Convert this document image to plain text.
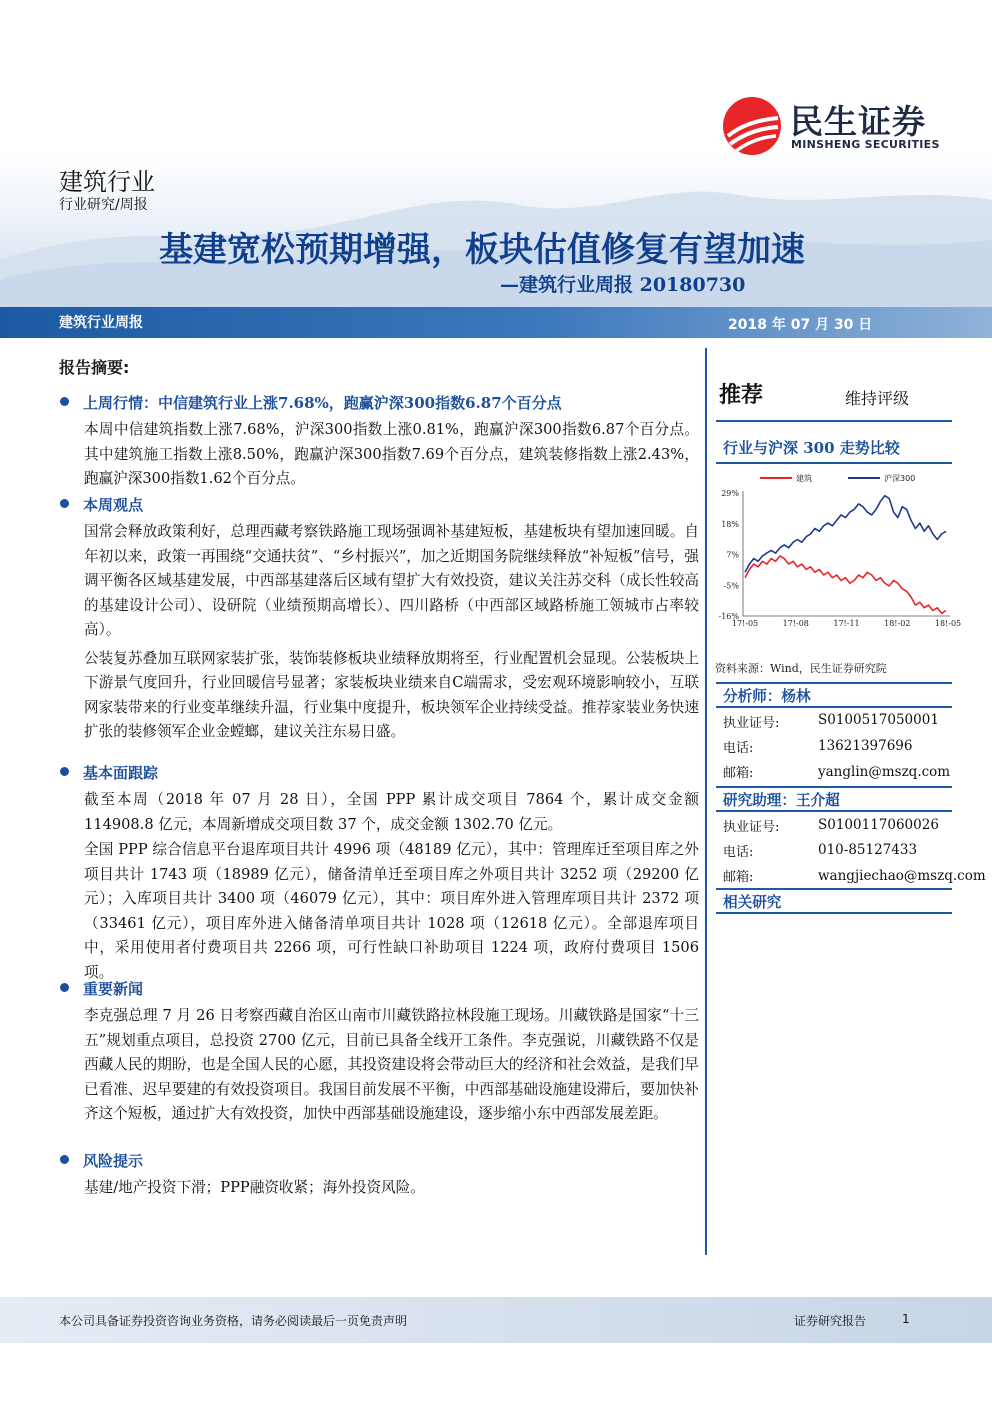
民生证券
MINSHENG SECURITIES
建筑行业
行业研究/周报
基建宽松预期增强，板块估值修复有望加速
—建筑行业周报 20180730
建筑行业周报	2018 年 07 月 30 日
报告摘要:
上周行情：中信建筑行业上涨7.68%，跑赢沪深300指数6.87个百分点

本周中信建筑指数上涨7.68%，沪深300指数上涨0.81%，跑赢沪深300指数6.87个百分点。其中建筑施工指数上涨8.50%，跑赢沪深300指数7.69个百分点，建筑装修指数上涨2.43%，跑赢沪深300指数1.62个百分点。

本周观点

国常会释放政策利好，总理西藏考察铁路施工现场强调补基建短板，基建板块有望加速回暖。自年初以来，政策一再围绕“交通扶贫”、“乡村振兴”，加之近期国务院继续释放“补短板”信号，强调平衡各区域基建发展，中西部基建落后区域有望扩大有效投资，建议关注苏交科（成长性较高的基建设计公司）、设研院（业绩预期高增长）、四川路桥（中西部区域路桥施工领城市占率较高）。

公装复苏叠加互联网家装扩张，装饰装修板块业绩释放期将至，行业配置机会显现。公装板块上下游景气度回升，行业回暖信号显著；家装板块业绩来自C端需求，受宏观环境影响较小，互联网家装带来的行业变革继续升温，行业集中度提升，板块领军企业持续受益。推荐家装业务快速扩张的装修领军企业金螳螂，建议关注东易日盛。

基本面跟踪

截至本周（2018 年 07 月 28 日），全国 PPP 累计成交项目 7864 个，累计成交金额 114908.8 亿元，本周新增成交项目数 37 个，成交金额 1302.70 亿元。

全国 PPP 综合信息平台退库项目共计 4996 项（48189 亿元），其中：管理库迁至项目库之外项目共计 1743 项（18989 亿元），储备清单迁至项目库之外项目共计 3252 项（29200 亿元）；入库项目共计 3400 项（46079 亿元），其中：项目库外进入管理库项目共计 2372 项（33461 亿元），项目库外进入储备清单项目共计 1028 项（12618 亿元）。全部退库项目中，采用使用者付费项目共 2266 项，可行性缺口补助项目 1224 项，政府付费项目 1506 项。

重要新闻

李克强总理 7 月 26 日考察西藏自治区山南市川藏铁路拉林段施工现场。川藏铁路是国家“十三五”规划重点项目，总投资 2700 亿元，目前已具备全线开工条件。李克强说，川藏铁路不仅是西藏人民的期盼，也是全国人民的心愿，其投资建设将会带动巨大的经济和社会效益，是我们早已看准、迟早要建的有效投资项目。我国目前发展不平衡，中西部基础设施建设滞后，要加快补齐这个短板，通过扩大有效投资，加快中西部基础设施建设，逐步缩小东中西部发展差距。

风险提示

基建/地产投资下滑；PPP融资收紧；海外投资风险。

推荐	维持评级
行业与沪深 300 走势比较
29%
18%
7%
-5%
-16%
17!-05	17!-08	17!-11	18!-02	18!-05
建筑	沪深300
资料来源：Wind，民生证券研究院
分析师：杨林
执业证号:	S0100517050001
电话:	13621397696
邮箱:	yanglin@mszq.com
研究助理：王介超
执业证号:	S0100117060026
电话:	010-85127433
邮箱:	wangjiechao@mszq.com
相关研究
本公司具备证券投资咨询业务资格，请务必阅读最后一页免责声明	证券研究报告	1
